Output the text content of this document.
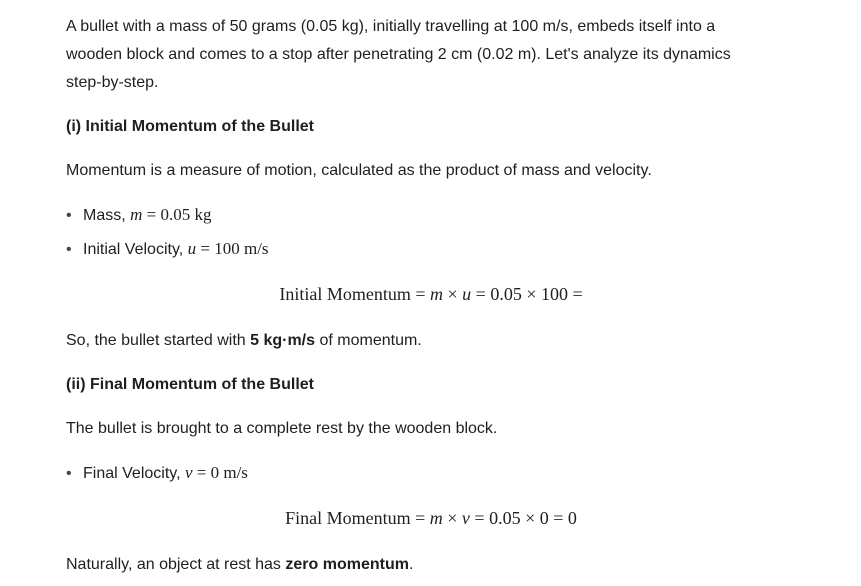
A bullet with a mass of 50 grams (0.05 kg), initially travelling at 100 m/s, embeds itself into a
wooden block and comes to a stop after penetrating 2 cm (0.02 m). Let's analyze its dynamics
step-by-step.

(i) Initial Momentum of the Bullet

Momentum is a measure of motion, calculated as the product of mass and velocity.

• Mass, m = 0.05 kg
• Initial Velocity, u = 100 m/s
Initial Momentum = m × u = 0.05 × 100 =

So, the bullet started with 5 kg·m/s of momentum.

(ii) Final Momentum of the Bullet

The bullet is brought to a complete rest by the wooden block.

• Final Velocity, v = 0 m/s
Final Momentum = m × v = 0.05 × 0 = 0

Naturally, an object at rest has zero momentum.
